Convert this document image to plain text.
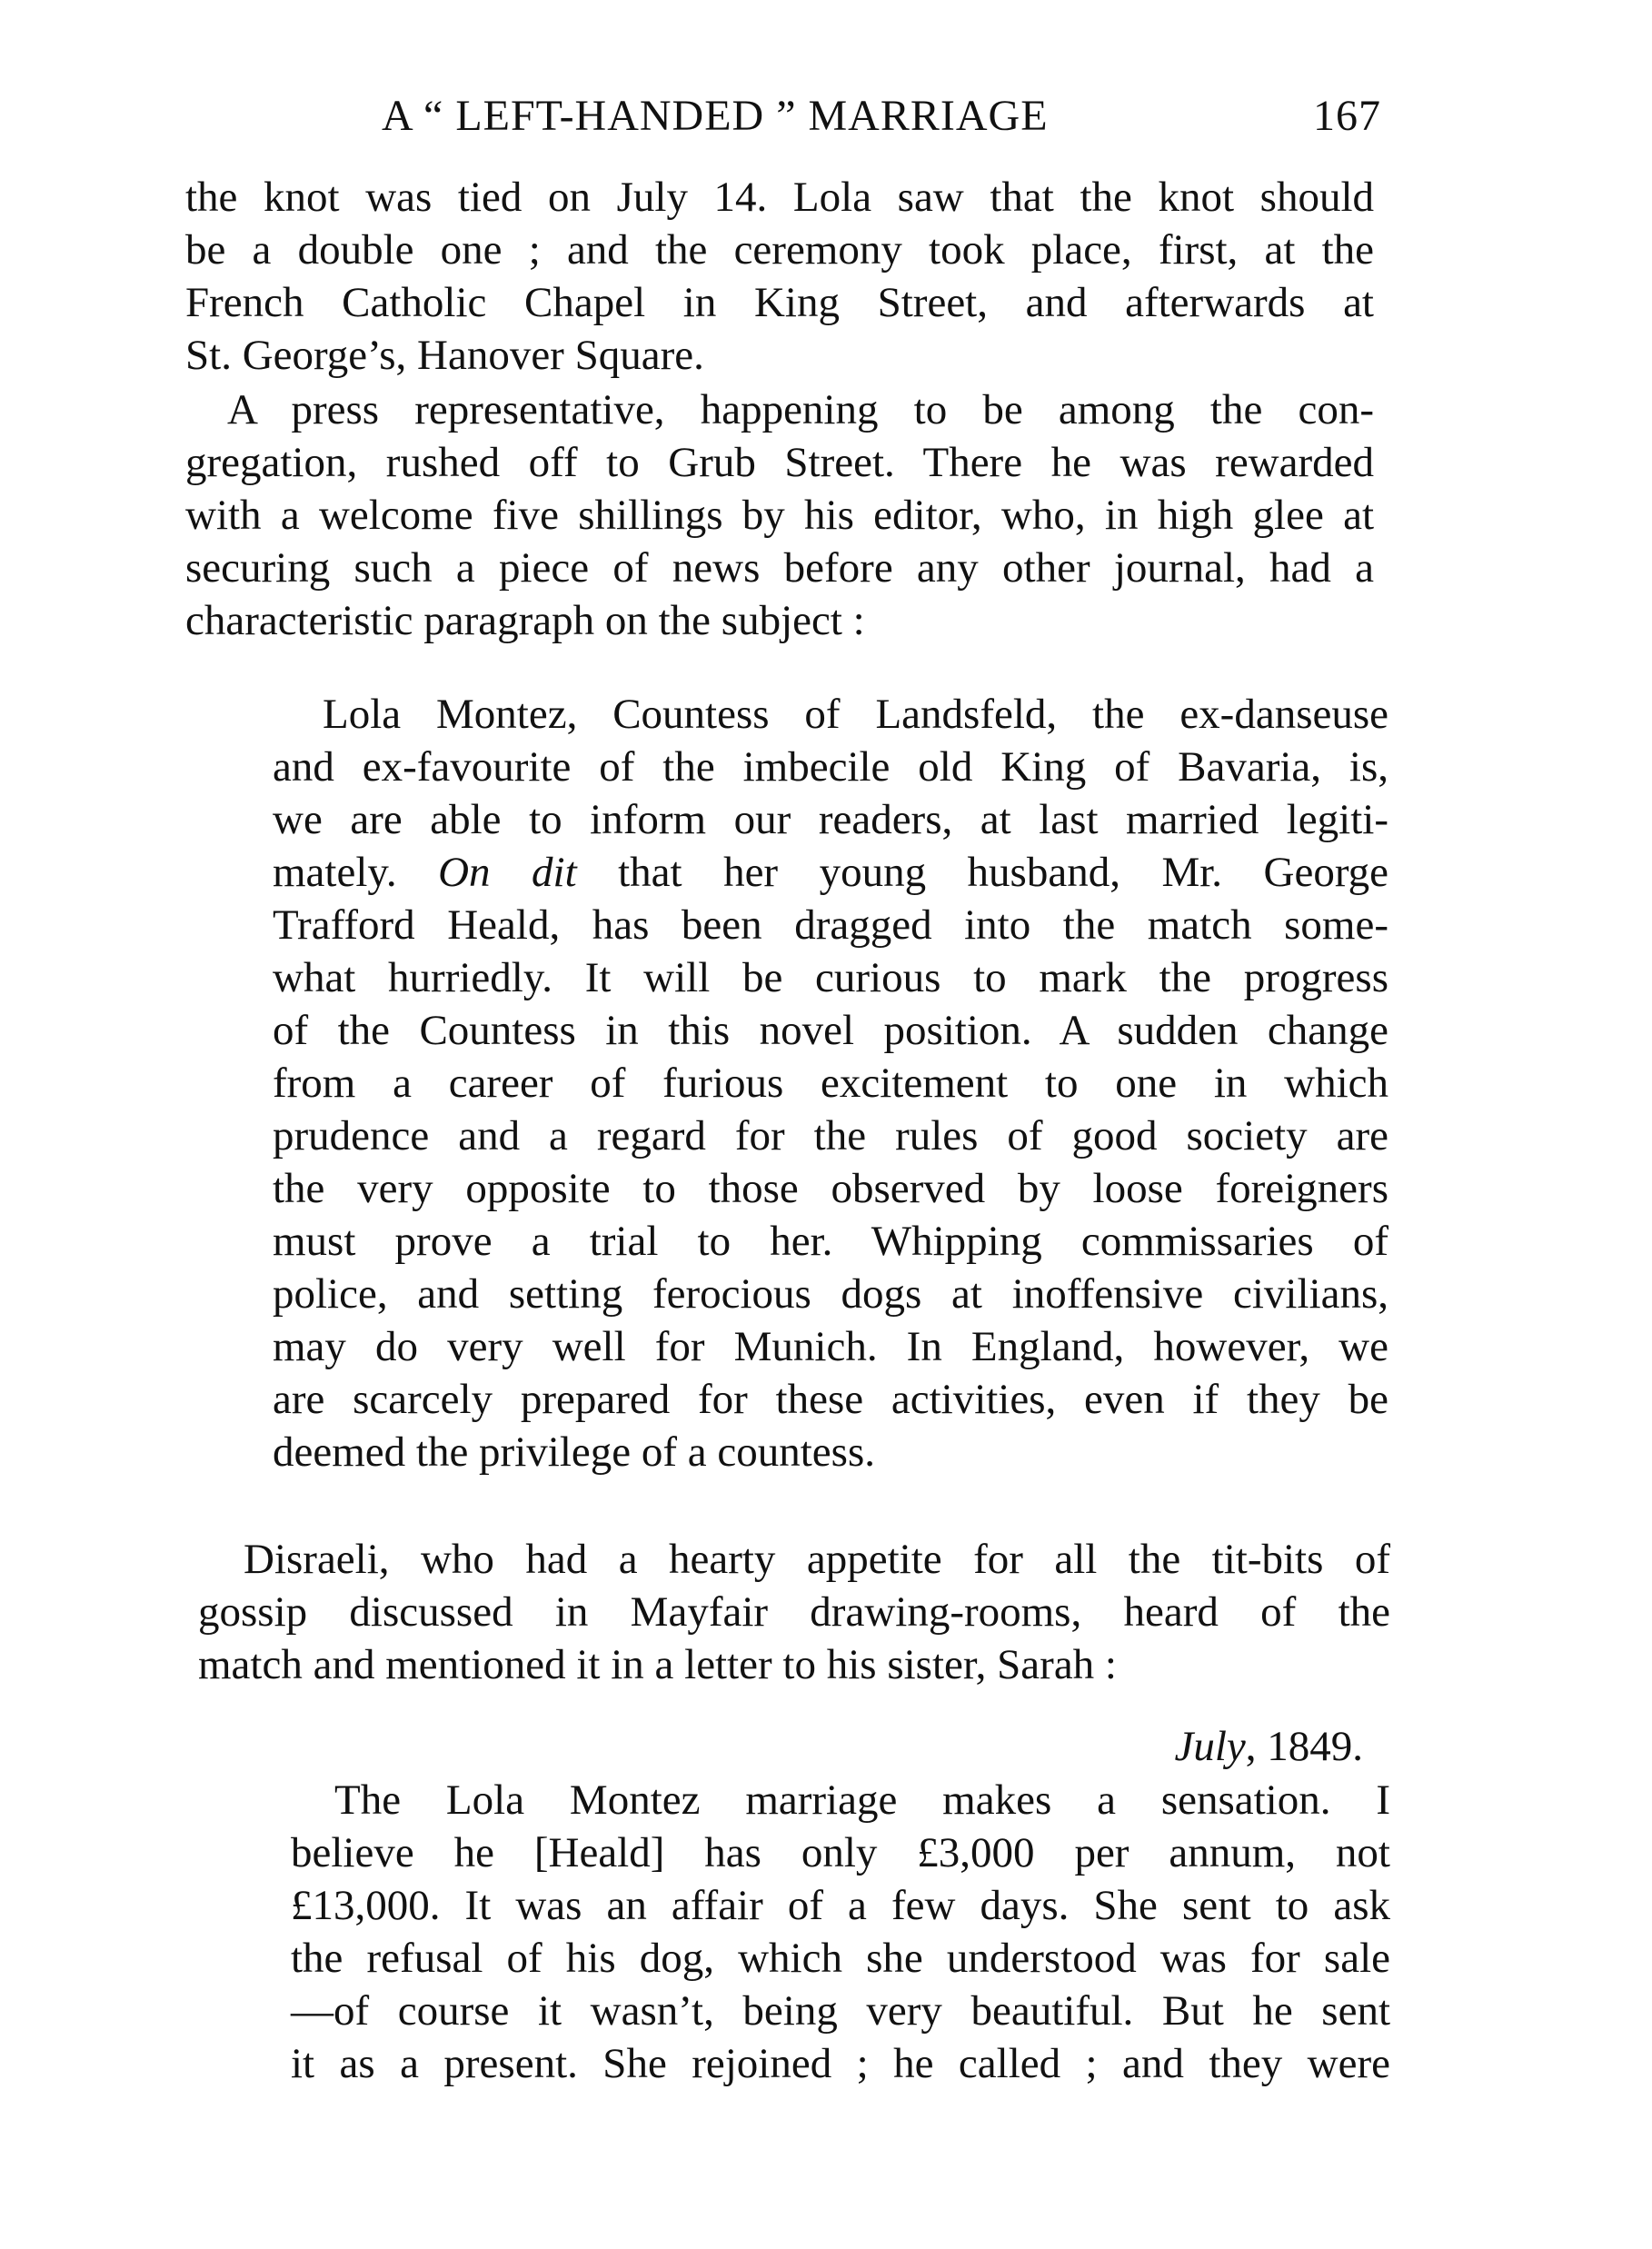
A “ LEFT-HANDED ” MARRIAGE	167
the knot was tied on July 14. Lola saw that the knot should
be a double one ; and the ceremony took place, first, at the
French Catholic Chapel in King Street, and afterwards at
St. George’s, Hanover Square.
A press representative, happening to be among the con-
gregation, rushed off to Grub Street. There he was rewarded
with a welcome five shillings by his editor, who, in high glee at
securing such a piece of news before any other journal, had a
characteristic paragraph on the subject :
Lola Montez, Countess of Landsfeld, the ex-danseuse
and ex-favourite of the imbecile old King of Bavaria, is,
we are able to inform our readers, at last married legiti-
mately. On dit that her young husband, Mr. George
Trafford Heald, has been dragged into the match some-
what hurriedly. It will be curious to mark the progress
of the Countess in this novel position. A sudden change
from a career of furious excitement to one in which
prudence and a regard for the rules of good society are
the very opposite to those observed by loose foreigners
must prove a trial to her. Whipping commissaries of
police, and setting ferocious dogs at inoffensive civilians,
may do very well for Munich. In England, however, we
are scarcely prepared for these activities, even if they be
deemed the privilege of a countess.
Disraeli, who had a hearty appetite for all the tit-bits of
gossip discussed in Mayfair drawing-rooms, heard of the
match and mentioned it in a letter to his sister, Sarah :
July, 1849.
The Lola Montez marriage makes a sensation. I
believe he [Heald] has only £3,000 per annum, not
£13,000. It was an affair of a few days. She sent to ask
the refusal of his dog, which she understood was for sale
—of course it wasn’t, being very beautiful. But he sent
it as a present. She rejoined ; he called ; and they were
